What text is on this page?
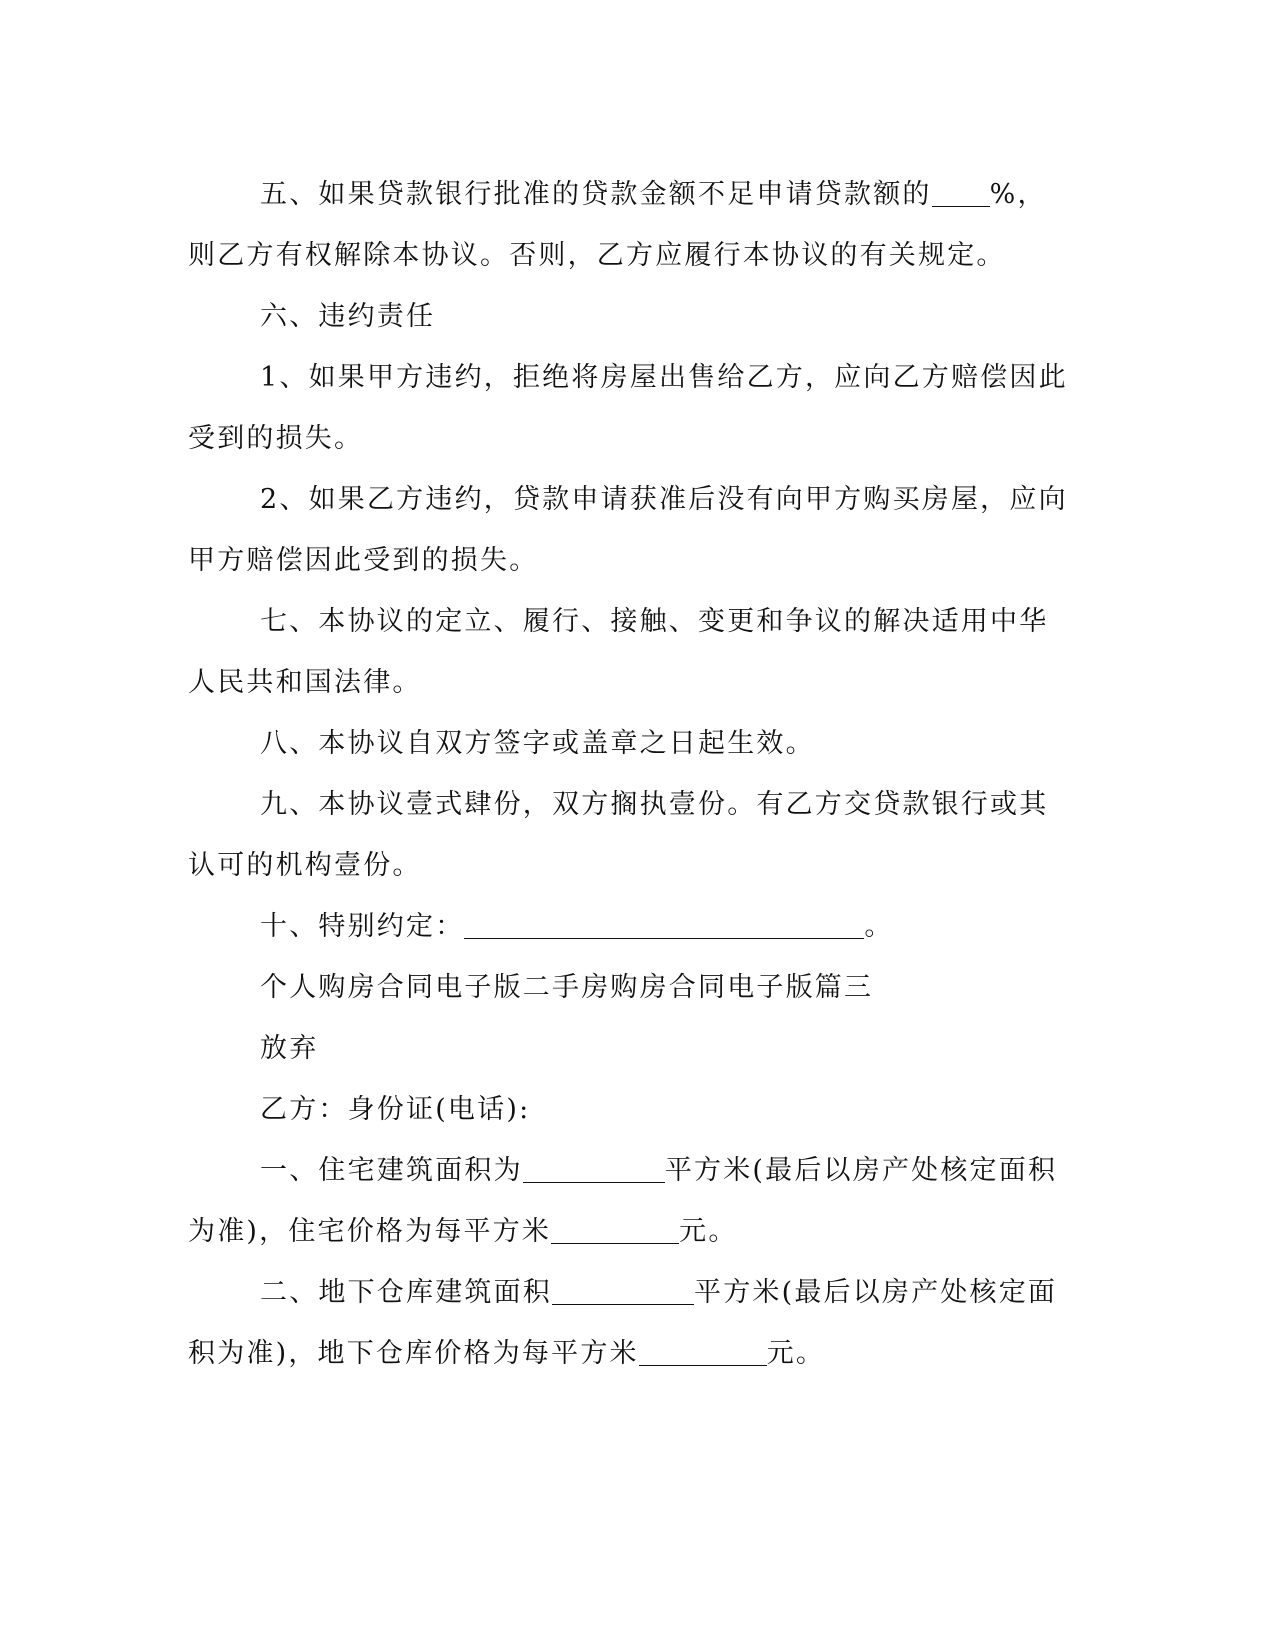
五、如果贷款银行批准的贷款金额不足申请贷款额的 %，则乙方有权解除本协议。否则，乙方应履行本协议的有关规定。

六、违约责任

1、如果甲方违约，拒绝将房屋出售给乙方，应向乙方赔偿因此受到的损失。

2、如果乙方违约，贷款申请获准后没有向甲方购买房屋，应向甲方赔偿因此受到的损失。

七、本协议的定立、履行、接触、变更和争议的解决适用中华人民共和国法律。

八、本协议自双方签字或盖章之日起生效。

九、本协议壹式肆份，双方搁执壹份。有乙方交贷款银行或其认可的机构壹份。

十、特别约定：	。

个人购房合同电子版二手房购房合同电子版篇三

放弃

乙方：身份证(电话):

一、住宅建筑面积为	平方米(最后以房产处核定面积为准)，住宅价格为每平方米	元。

二、地下仓库建筑面积	平方米(最后以房产处核定面积为准)，地下仓库价格为每平方米	元。
